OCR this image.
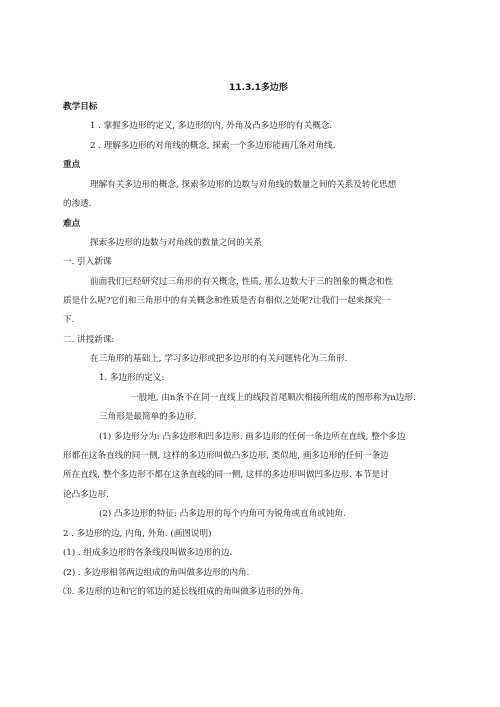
11.3.1多边形
教学目标
1 . 掌握多边形的定义, 多边形的内, 外角及凸多边形的有关概念.
2 . 理解多边形的对角线的概念, 探索一个多边形能画几条对角线.
重点
理解有关多边形的概念, 探索多边形的边数与对角线的数量之间的关系及转化思想
的渗透.
难点
探索多边形的边数与对角线的数量之间的关系
一. 引入新课
前面我们已经研究过三角形的有关概念, 性质, 那么边数大于三的图象的概念和性
质是什么呢?它们和三角形中的有关概念和性质是否有相似之处呢?让我们一起来探究一
下.
二. 讲授新课:
在三角形的基础上, 学习多边形或把多边形的有关问题转化为三角形.
1. 多边形的定义:
一般地, 由n条不在同一直线上的线段首尾顺次相接所组成的图形称为n边形.
三角形是最简单的多边形.
(1) 多边形分为: 凸多边形和凹多边形. 画多边形的任何一条边所在直线, 整个多边
形都在这条直线的同一侧, 这样的多边形叫做凸多边形, 类似地, 画多边形的任何一条边
所在直线, 整个多边形不都在这条直线的同一侧, 这样的多边形叫做凹多边形. 本节是讨
论凸多边形.
(2) 凸多边形的特征: 凸多边形的每个内角可为锐角或直角或钝角.
2 . 多边形的边, 内角, 外角. (画图说明)
(1) . 组成多边形的各条线段叫做多边形的边.
(2) . 多边形相邻两边组成的角叫做多边形的内角.
⑶. 多边形的边和它的邻边的延长线组成的角叫做多边形的外角.
